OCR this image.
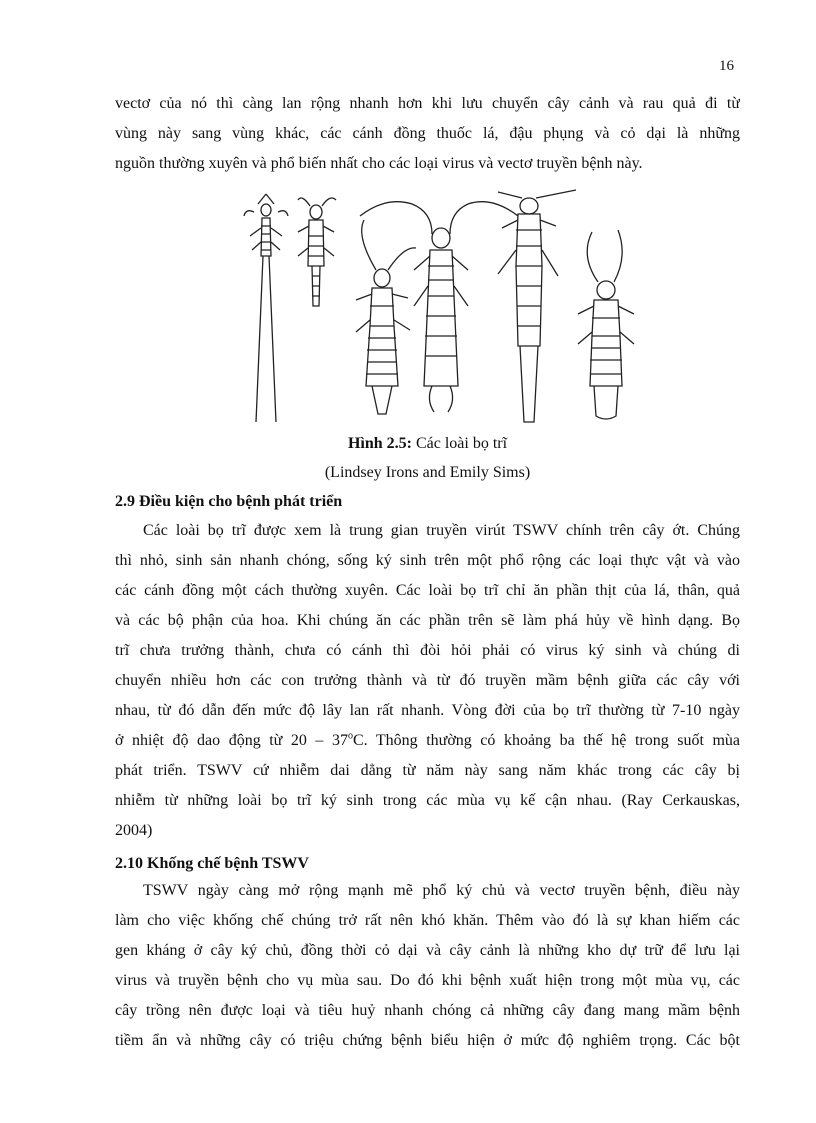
16
vectơ của nó thì càng lan rộng nhanh hơn khi lưu chuyển cây cảnh và rau quả đi từ
vùng này sang vùng khác, các cánh đồng thuốc lá, đậu phụng và cỏ dại là những
nguồn thường xuyên và phổ biến nhất cho các loại virus và vectơ truyền bệnh này.
Hình 2.5: Các loài bọ trĩ
(Lindsey Irons and Emily Sims)
2.9 Điều kiện cho bệnh phát triển
Các loài bọ trĩ được xem là trung gian truyền virút TSWV chính trên cây ớt. Chúng
thì nhỏ, sinh sản nhanh chóng, sống ký sinh trên một phổ rộng các loại thực vật và vào
các cánh đồng một cách thường xuyên. Các loài bọ trĩ chỉ ăn phần thịt của lá, thân, quả
và các bộ phận của hoa. Khi chúng ăn các phần trên sẽ làm phá hủy về hình dạng. Bọ
trĩ chưa trưởng thành, chưa có cánh thì đòi hỏi phải có virus ký sinh và chúng di
chuyển nhiều hơn các con trưởng thành và từ đó truyền mầm bệnh giữa các cây với
nhau, từ đó dẫn đến mức độ lây lan rất nhanh. Vòng đời của bọ trĩ thường từ 7-10 ngày
ở nhiệt độ dao động từ 20 – 37$^o$C. Thông thường có khoảng ba thế hệ trong suốt mùa
phát triển. TSWV cứ nhiễm dai dẳng từ năm này sang năm khác trong các cây bị
nhiễm từ những loài bọ trĩ ký sinh trong các mùa vụ kế cận nhau. (Ray Cerkauskas,
2004)
2.10 Khống chế bệnh TSWV
TSWV ngày càng mở rộng mạnh mẽ phổ ký chủ và vectơ truyền bệnh, điều này
làm cho việc khống chế chúng trở rất nên khó khăn. Thêm vào đó là sự khan hiếm các
gen kháng ở cây ký chủ, đồng thời cỏ dại và cây cảnh là những kho dự trữ để lưu lại
virus và truyền bệnh cho vụ mùa sau. Do đó khi bệnh xuất hiện trong một mùa vụ, các
cây trồng nên được loại và tiêu huỷ nhanh chóng cả những cây đang mang mầm bệnh
tiềm ẩn và những cây có triệu chứng bệnh biểu hiện ở mức độ nghiêm trọng. Các bột
